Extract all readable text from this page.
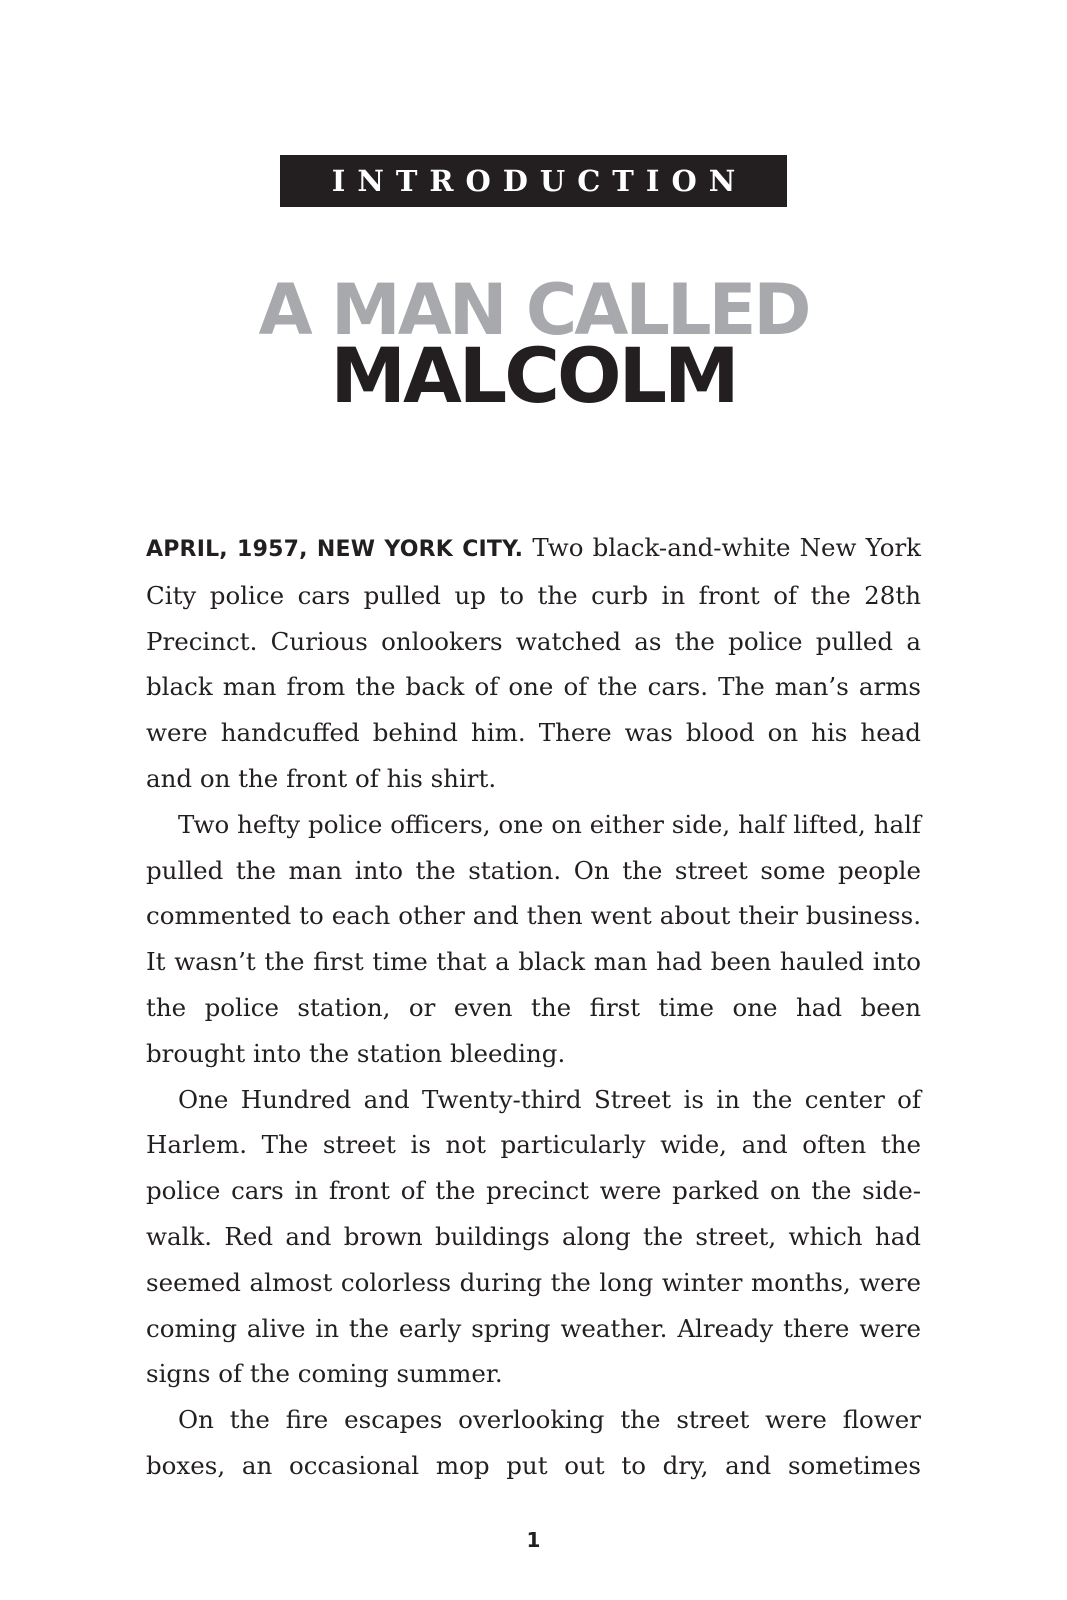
INTRODUCTION
A MAN CALLED
MALCOLM

APRIL, 1957, NEW YORK CITY. Two black-and-white New York City police cars pulled up to the curb in front of the 28th Precinct. Curious onlookers watched as the police pulled a black man from the back of one of the cars. The man’s arms were handcuffed behind him. There was blood on his head and on the front of his shirt.

Two hefty police officers, one on either side, half lifted, half pulled the man into the station. On the street some people commented to each other and then went about their business. It wasn’t the first time that a black man had been hauled into the police station, or even the first time one had been brought into the station bleeding.

One Hundred and Twenty-third Street is in the center of Harlem. The street is not particularly wide, and often the police cars in front of the precinct were parked on the side-walk. Red and brown buildings along the street, which had seemed almost colorless during the long winter months, were coming alive in the early spring weather. Already there were signs of the coming summer.

On the fire escapes overlooking the street were flower boxes, an occasional mop put out to dry, and sometimes

1
